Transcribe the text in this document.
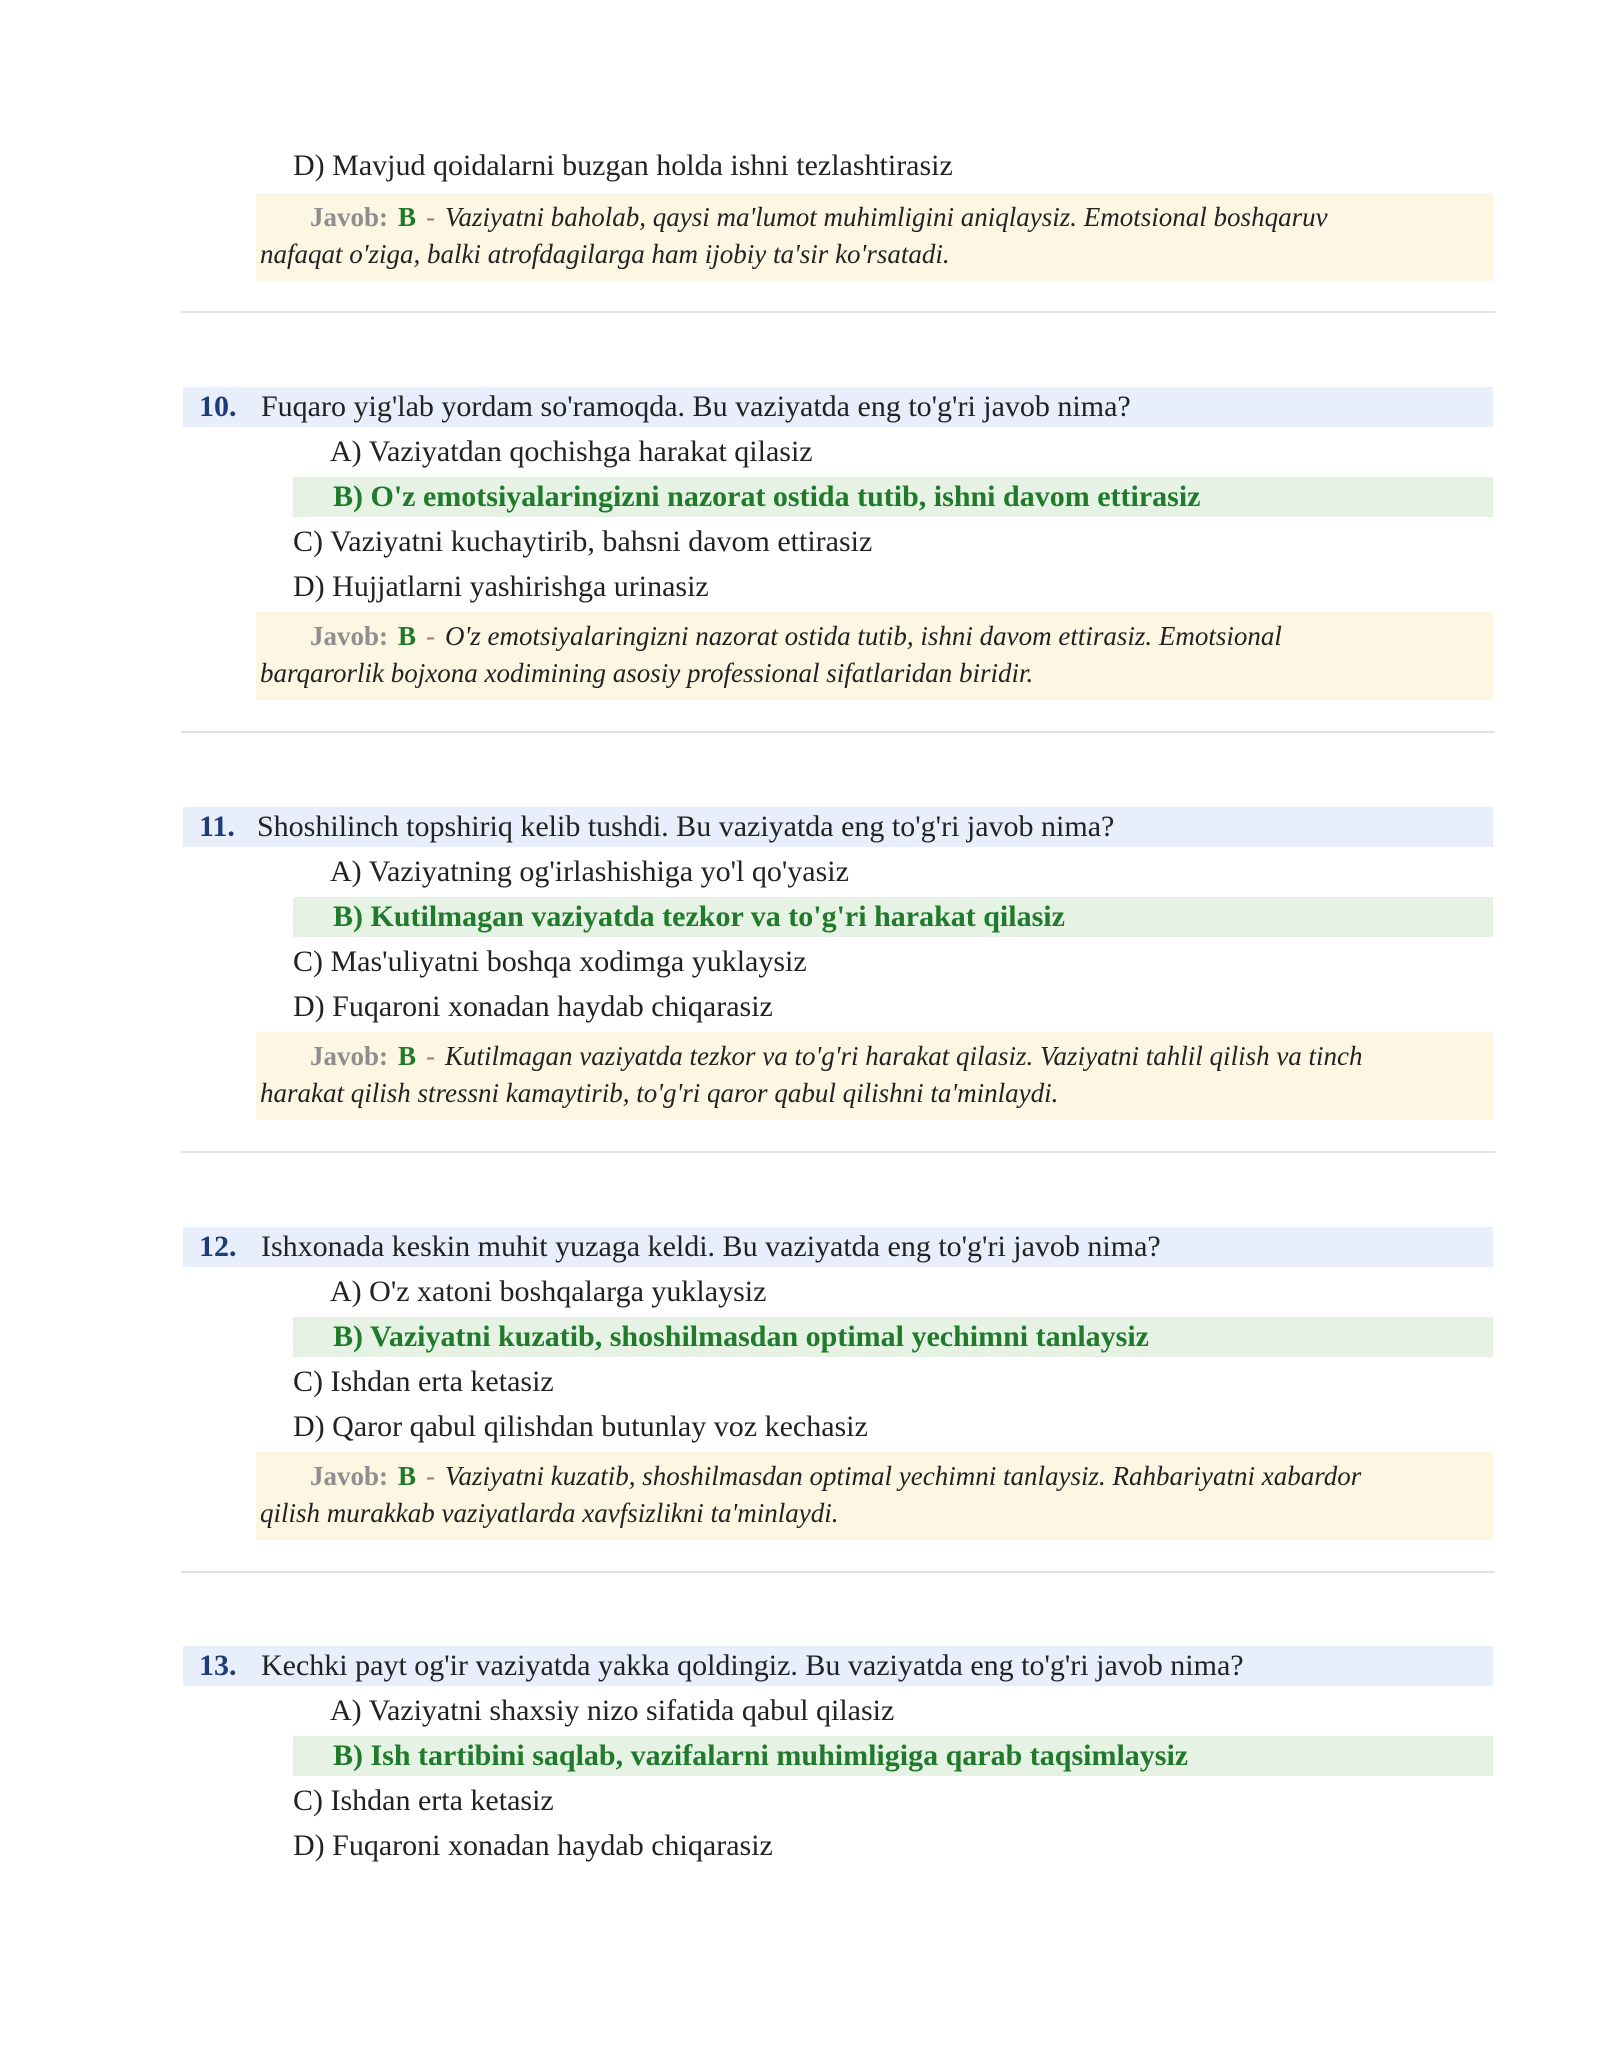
D) Mavjud qoidalarni buzgan holda ishni tezlashtirasiz
Javob: B - Vaziyatni baholab, qaysi ma'lumot muhimligini aniqlaysiz. Emotsional boshqaruv
nafaqat o'ziga, balki atrofdagilarga ham ijobiy ta'sir ko'rsatadi.
10. Fuqaro yig'lab yordam so'ramoqda. Bu vaziyatda eng to'g'ri javob nima?
A) Vaziyatdan qochishga harakat qilasiz
B) O'z emotsiyalaringizni nazorat ostida tutib, ishni davom ettirasiz
C) Vaziyatni kuchaytirib, bahsni davom ettirasiz
D) Hujjatlarni yashirishga urinasiz
Javob: B - O'z emotsiyalaringizni nazorat ostida tutib, ishni davom ettirasiz. Emotsional
barqarorlik bojxona xodimining asosiy professional sifatlaridan biridir.
11. Shoshilinch topshiriq kelib tushdi. Bu vaziyatda eng to'g'ri javob nima?
A) Vaziyatning og'irlashishiga yo'l qo'yasiz
B) Kutilmagan vaziyatda tezkor va to'g'ri harakat qilasiz
C) Mas'uliyatni boshqa xodimga yuklaysiz
D) Fuqaroni xonadan haydab chiqarasiz
Javob: B - Kutilmagan vaziyatda tezkor va to'g'ri harakat qilasiz. Vaziyatni tahlil qilish va tinch
harakat qilish stressni kamaytirib, to'g'ri qaror qabul qilishni ta'minlaydi.
12. Ishxonada keskin muhit yuzaga keldi. Bu vaziyatda eng to'g'ri javob nima?
A) O'z xatoni boshqalarga yuklaysiz
B) Vaziyatni kuzatib, shoshilmasdan optimal yechimni tanlaysiz
C) Ishdan erta ketasiz
D) Qaror qabul qilishdan butunlay voz kechasiz
Javob: B - Vaziyatni kuzatib, shoshilmasdan optimal yechimni tanlaysiz. Rahbariyatni xabardor
qilish murakkab vaziyatlarda xavfsizlikni ta'minlaydi.
13. Kechki payt og'ir vaziyatda yakka qoldingiz. Bu vaziyatda eng to'g'ri javob nima?
A) Vaziyatni shaxsiy nizo sifatida qabul qilasiz
B) Ish tartibini saqlab, vazifalarni muhimligiga qarab taqsimlaysiz
C) Ishdan erta ketasiz
D) Fuqaroni xonadan haydab chiqarasiz
